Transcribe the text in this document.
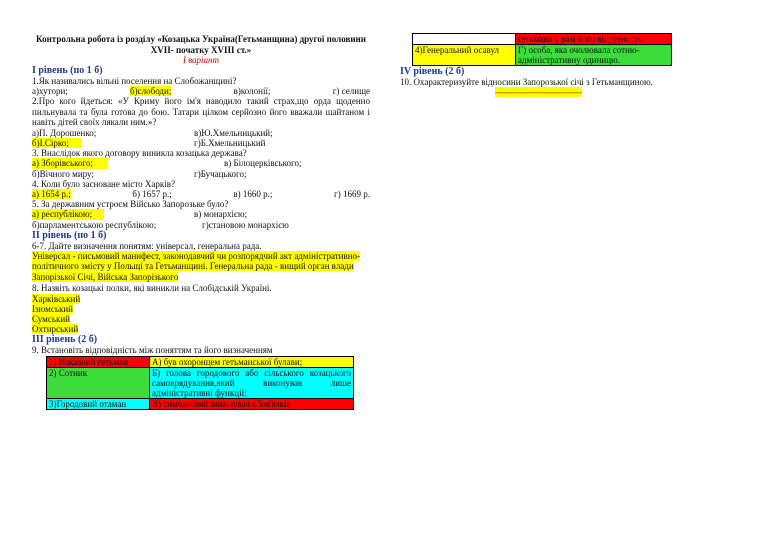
Контрольна робота із розділу «Козацька Україна(Гетьманщина) другої половини XVII- початку XVIII ст.»
І варіант
I рівень (по 1 б)
1.Як називались вільні поселення на Слобожанщині?
а)хутори;	б)слободи;	в)колонії;	г) селище
2.Про кого йдеться: «У Криму його ім'я наводило такий страх,що орда щоденно пильнувала та була готова до бою. Татари цілком серйозно його вважали шайтаном і навіть дітей своїх лякали ним.»?
а)П. Дорошенко;	в)Ю.Хмельницький;
б)І.Сірко;	г)Б.Хмельницький
3. Внаслідок якого договору виникла козацька держава?
а) Зборівського;	в) Білоцерківського;
б)Вічного миру;	г)Бучацького;
4. Коли було засноване місто Харків?
а) 1654 р.;	б) 1657 р.;	в) 1660 р.;	г) 1669 р.
5. За державним устроєм Військо Запорозьке було?
а) республікою;	в) монархією;
б)парламентською республікою;	г)становою монархією
ІІ рівень (по 1 б)
6-7. Дайте визначення понятям: універсал, генеральна рада.
Універсал - письмовий манифест, законодавчий чи розпорядчий акт адміністративно-політичного змісту у Польщі та Гетьманщині. Генеральна рада - вищий орган влади Запорізької Січі, Війська Запорізького
8. Назвіть козацькі полки, які виникли на Слобідській Україні.
Харківський
Ізюмський
Сумський
Охтирський
ІІІ рівень (2 б)
9. Встановіть відповідність між поняттям та його визначенням
1) Наказний гетьман	А) був охоронцем гетьманської булави;
2) Сотник	Б) голова городового або сільського козацького самоврядування,який виконував лише адміністративні функції;
3)Городовий отаман	В) тимчасовий виконувач обов'язків
	гетьмана у разі його відсутності.
4)Генеральний осавул	Г) особа, яка очолювала сотню-адміністративну одиницю.
ІV рівень (2 б)
10. Охарактеризуйте відносини Запорозької січі з Гетьманщиною.
-----------------------------
